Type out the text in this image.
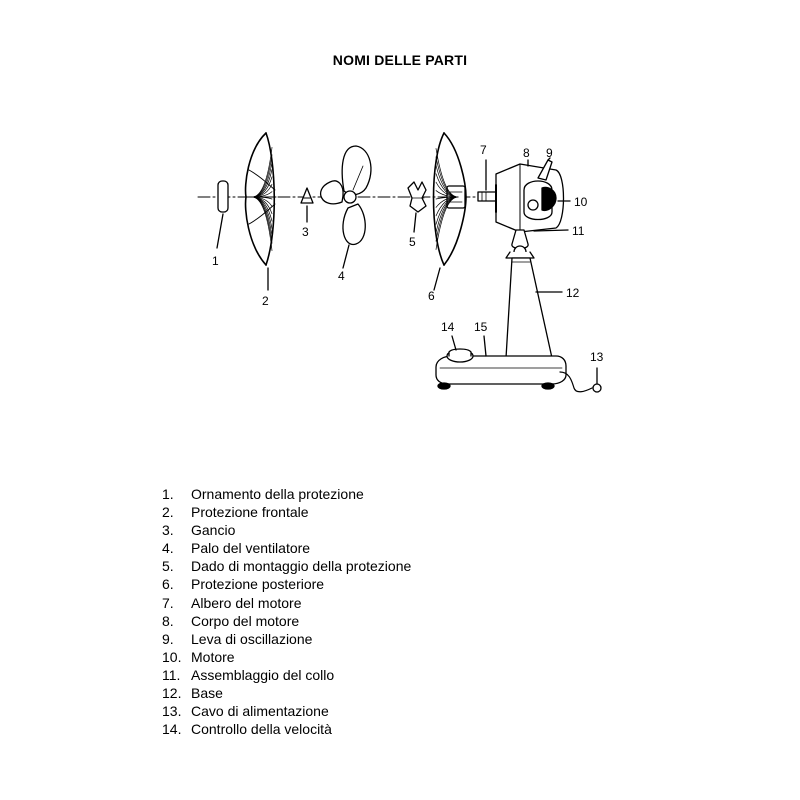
NOMI DELLE PARTI
1
2
3
4
5
6
7	8 9
10
11
12
13
14 15
1. Ornamento della protezione
2. Protezione frontale
3. Gancio
4. Palo del ventilatore
5. Dado di montaggio della protezione
6. Protezione posteriore
7. Albero del motore
8. Corpo del motore
9. Leva di oscillazione
10. Motore
11. Assemblaggio del collo
12. Base
13. Cavo di alimentazione
14. Controllo della velocità
